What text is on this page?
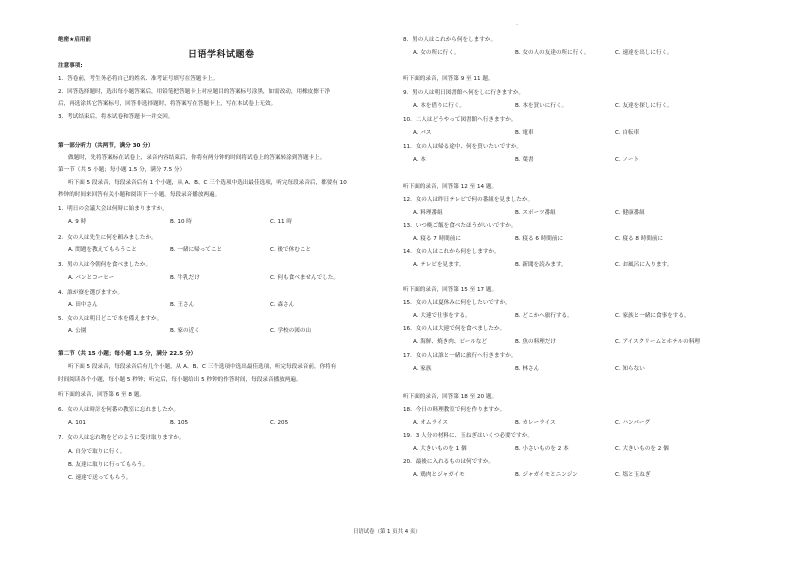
-
绝密★启用前
日语学科试题卷
注意事项:
1．答卷前，考生务必将自己的姓名、准考证号填写在答题卡上。
2．回答选择题时，选出每小题答案后，用铅笔把答题卡上对应题目的答案标号涂黑，如需改动，用橡皮擦干净
后，再选涂其它答案标号，回答非选择题时，将答案写在答题卡上，写在本试卷上无效。
3．考试结束后，将本试卷和答题卡一并交回。
第一部分听力（共两节，满分 30 分）
做题时，先将答案标在试卷上，录音内容结束后，你将有两分钟的时间将试卷上的答案转涂到答题卡上。
第一节（共 5 小题；每小题 1.5 分，满分 7.5 分）
听下面 5 段录音，每段录音后有 1 个小题，从 A、B、C 三个选项中选出最佳选项，听完每段录音后，都要有 10
秒钟的时间来回答有关小题和阅读下一小题。每段录音播放两遍。
1．明日の会議大会は何時に始まりますか。
A. 9 時	B. 10 時	C. 11 時
2．女の人は先生に何を頼みましたか。
A. 問題を教えてもらうこと	B. 一緒に帰ってこと	C. 後で休むこと
3．男の人は今朝何を食べましたか。
A. パンとコーヒー	B. 牛乳だけ	C. 何も食べませんでした。
4．誰が寮を選びますか。
A. 田中さん	B. 王さん	C. 森さん
5．女の人は明日どこで本を備えますか。
A. 公園	B. 家の近く	C. 学校の図の山
第二节（共 15 小题；每小题 1.5 分，满分 22.5 分）
听下面 5 段录音，每段录音后有几个小题，从 A、B、C 三个选项中选出最佳选项，听完每段录音前，你将有
时间阅读各个小题，每小题 5 秒钟；听完后，每小题给出 5 秒钟的作答时间，每段录音播放两遍。
听下面的录音，回答第 6 至 8 题。
6．女の人は時計を何番の教室に忘れましたか。
A. 101	B. 105	C. 205
7．女の人は忘れ物をどのように受け取りますか。
A. 自分で取りに行く。
B. 友達に取りに行ってもらう。
C. 速達で送ってもらう。
8．男の人はこれから何をしますか。
A. 女の所に行く。	B. 女の人の友達の所に行く。	C. 速達を出しに行く。
听下面的录音，回答第 9 至 11 题。
9．男の人は明日図書館へ何をしに行きますか。
A. 本を借りに行く。	B. 本を買いに行く。	C. 友達を探しに行く。
10．二人はどうやって図書館へ行きますか。
A. バス	B. 電車	C. 自転車
11．女の人は帰る途中、何を買いたいですか。
A. 本	B. 葉書	C. ノート
听下面的录音，回答第 12 至 14 题。
12．女の人は昨日テレビで何の番組を見ましたか。
A. 料理番組	B. スポーツ番組	C. 健康番組
13．いつ晩ご飯を食べたほうがいいですか。
A. 寝る 7 時間前に	B. 寝る 6 時間前に	C. 寝る 8 時間前に
14．女の人はこれから何をしますか。
A. テレビを見ます。	B. 新聞を読みます。	C. お風呂に入ります。
听下面的录音，回答第 15 至 17 题。
15．女の人は夏休みに何をしたいですか。
A. 大連で仕事をする。	B. どこかへ旅行する。	C. 家族と一緒に食事をする。
16．女の人は大連で何を食べましたか。
A. 海鮮、焼き肉、ビールなど	B. 魚の料理だけ	C. アイスクリームとホテルの料理
17．女の人は誰と一緒に旅行へ行きますか。
A. 家族	B. 林さん	C. 知らない
听下面的录音，回答第 18 至 20 题。
18．今日の料理教室で何を作りますか。
A. オムライス	B. カレーライス	C. ハンバーグ
19．3 人分の材料に、玉ねぎはいくつ必要ですか。
A. 大きいものを 1 個	B. 小さいものを 2 本	C. 大きいものを 2 個
20．最後に入れるものは何ですか。
A. 鶏肉とジャガイモ	B. ジャガイモとニンジン	C. 塩と玉ねぎ
日语试卷（第 1 页共 4 页）
